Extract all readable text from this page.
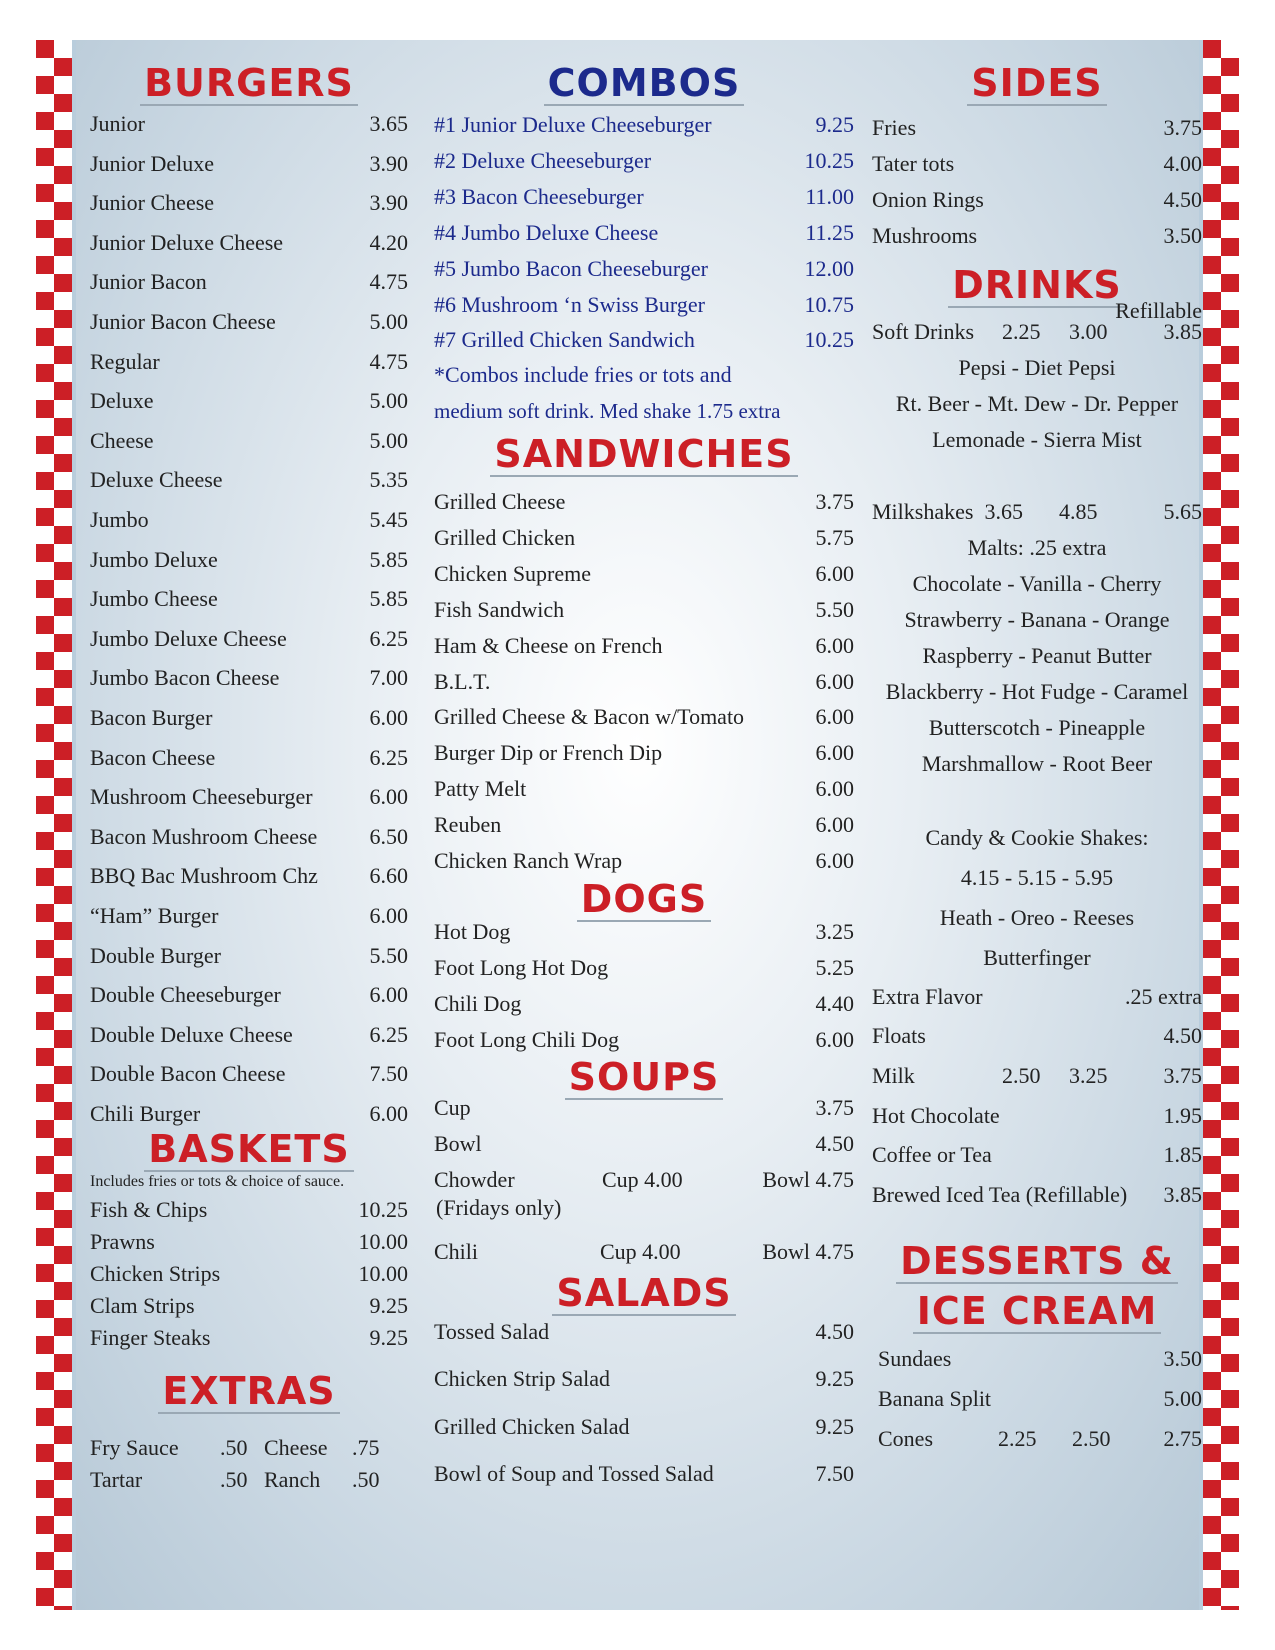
BURGERS
Junior	3.65
Junior Deluxe	3.90
Junior Cheese	3.90
Junior Deluxe Cheese	4.20
Junior Bacon	4.75
Junior Bacon Cheese	5.00
Regular	4.75
Deluxe	5.00
Cheese	5.00
Deluxe Cheese	5.35
Jumbo	5.45
Jumbo Deluxe	5.85
Jumbo Cheese	5.85
Jumbo Deluxe Cheese	6.25
Jumbo Bacon Cheese	7.00
Bacon Burger	6.00
Bacon Cheese	6.25
Mushroom Cheeseburger	6.00
Bacon Mushroom Cheese 6.50
BBQ Bac Mushroom Chz 6.60
“Ham” Burger	6.00
Double Burger	5.50
Double Cheeseburger	6.00
Double Deluxe Cheese	6.25
Double Bacon Cheese	7.50
Chili Burger	6.00
BASKETS
Includes fries or tots & choice of sauce.
Fish & Chips	10.25
Prawns	10.00
Chicken Strips	10.00
Clam Strips	9.25
Finger Steaks	9.25
EXTRAS
Fry Sauce .50 Cheese .75
Tartar	.50 Ranch .50
COMBOS
#1 Junior Deluxe Cheeseburger	9.25
#2 Deluxe Cheeseburger	10.25
#3 Bacon Cheeseburger	11.00
#4 Jumbo Deluxe Cheese	11.25
#5 Jumbo Bacon Cheeseburger	12.00
#6 Mushroom ‘n Swiss Burger	10.75
#7 Grilled Chicken Sandwich	10.25
*Combos include fries or tots and
medium soft drink. Med shake 1.75 extra
SANDWICHES
Grilled Cheese	3.75
Grilled Chicken	5.75
Chicken Supreme	6.00
Fish Sandwich	5.50
Ham & Cheese on French	6.00
B.L.T.	6.00
Grilled Cheese & Bacon w/Tomato	6.00
Burger Dip or French Dip	6.00
Patty Melt	6.00
Reuben	6.00
Chicken Ranch Wrap	6.00
DOGS
Hot Dog	3.25
Foot Long Hot Dog	5.25
Chili Dog	4.40
Foot Long Chili Dog	6.00
SOUPS
Cup	3.75
Bowl	4.50
Chowder	Cup 4.00	Bowl 4.75
(Fridays only)
Chili	Cup 4.00	Bowl 4.75
SALADS
Tossed Salad	4.50
Chicken Strip Salad	9.25
Grilled Chicken Salad	9.25
Bowl of Soup and Tossed Salad	7.50
SIDES
Fries	3.75
Tater tots	4.00
Onion Rings	4.50
Mushrooms	3.50
DRINKS
Refillable
Soft Drinks 2.25 3.00	3.85
Pepsi - Diet Pepsi
Rt. Beer - Mt. Dew - Dr. Pepper
Lemonade - Sierra Mist
Milkshakes 3.65 4.85	5.65
Malts: .25 extra
Chocolate - Vanilla - Cherry
Strawberry - Banana - Orange
Raspberry - Peanut Butter
Blackberry - Hot Fudge - Caramel
Butterscotch - Pineapple
Marshmallow - Root Beer
Candy & Cookie Shakes:
4.15 - 5.15 - 5.95
Heath - Oreo - Reeses
Butterfinger
Extra Flavor	.25 extra
Floats	4.50
Milk	2.50 3.25	3.75
Hot Chocolate	1.95
Coffee or Tea	1.85
Brewed Iced Tea (Refillable) 3.85
DESSERTS &
ICE CREAM
Sundaes	3.50
Banana Split	5.00
Cones	2.25 2.50 2.75
